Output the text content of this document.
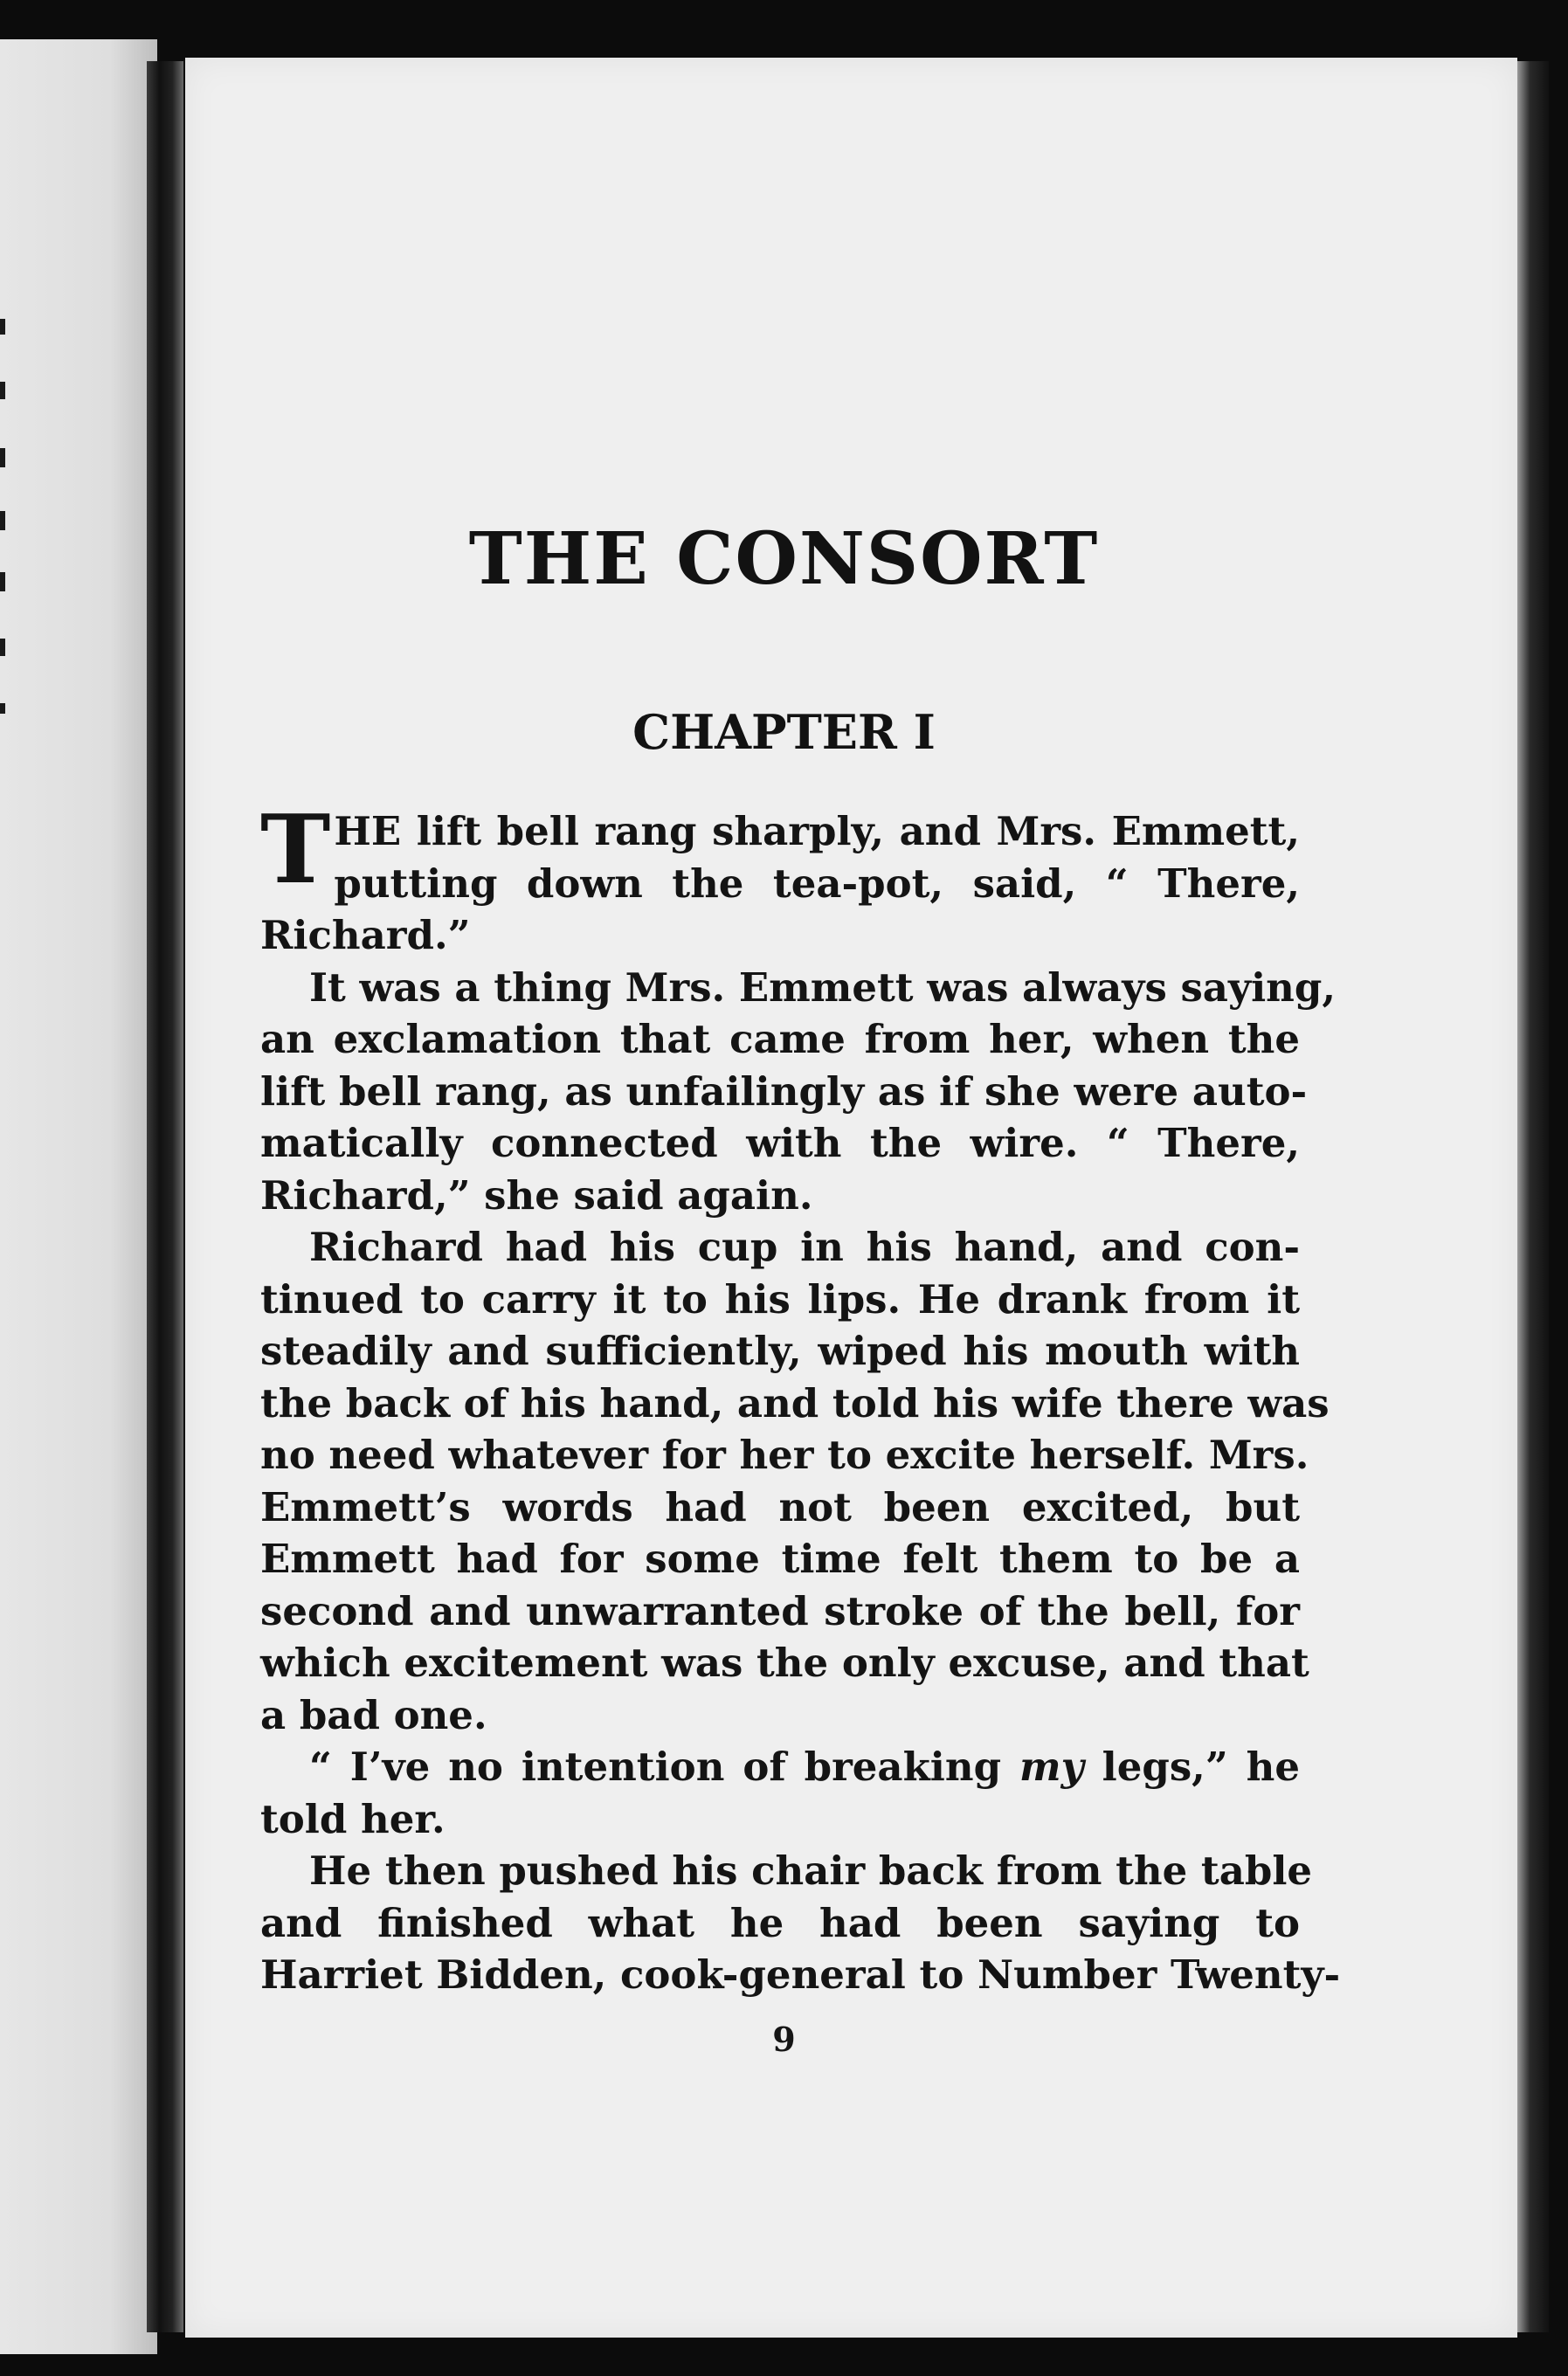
THE CONSORT
CHAPTER I
T HE lift bell rang sharply, and Mrs. Emmett,
putting down the tea-pot, said, “ There,
Richard.”
It was a thing Mrs. Emmett was always saying,
an exclamation that came from her, when the
lift bell rang, as unfailingly as if she were auto-
matically connected with the wire. “ There,
Richard,” she said again.
Richard had his cup in his hand, and con-
tinued to carry it to his lips. He drank from it
steadily and sufficiently, wiped his mouth with
the back of his hand, and told his wife there was
no need whatever for her to excite herself. Mrs.
Emmett’s words had not been excited, but
Emmett had for some time felt them to be a
second and unwarranted stroke of the bell, for
which excitement was the only excuse, and that
a bad one.
“ I’ve no intention of breaking my legs,” he
told her.
He then pushed his chair back from the table
and finished what he had been saying to
Harriet Bidden, cook-general to Number Twenty-
9
